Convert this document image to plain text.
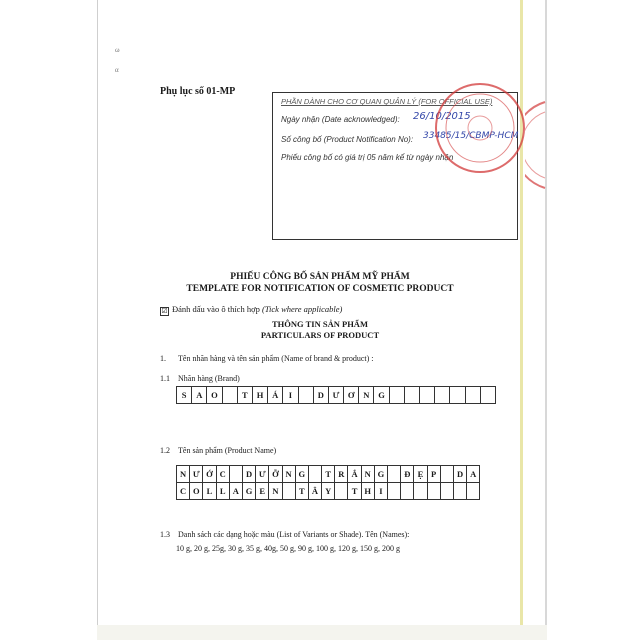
ω
α
Phụ lục số 01-MP
PHẦN DÀNH CHO CƠ QUAN QUẢN LÝ (FOR OFFICIAL USE)
Ngày nhận (Date acknowledged): 26/10/2015
Số công bố (Product Notification No): 33485/15/CBMP-HCM
Phiếu công bố có giá trị 05 năm kể từ ngày nhận
PHIẾU CÔNG BỐ SẢN PHẨM MỸ PHẨM
TEMPLATE FOR NOTIFICATION OF COSMETIC PRODUCT
☑ Đánh dấu vào ô thích hợp (Tick where applicable)
THÔNG TIN SẢN PHẨM
PARTICULARS OF PRODUCT
1. Tên nhãn hàng và tên sản phẩm (Name of brand & product) :
1.1 Nhãn hàng (Brand)
S	A	O		T	H	Á	I		D	Ư	Ơ	N	G							
1.2 Tên sản phẩm (Product Name)
N	Ư	Ớ	C		D	Ư	Ỡ	N	G		T	R	Ắ	N	G		Đ	Ẹ	P		D	A
C	O	L	L	A	G	E	N		T	Â	Y		T	H	I							
1.3 Danh sách các dạng hoặc màu (List of Variants or Shade). Tên (Names):
10 g, 20 g, 25g, 30 g, 35 g, 40g, 50 g, 90 g, 100 g, 120 g, 150 g, 200 g
